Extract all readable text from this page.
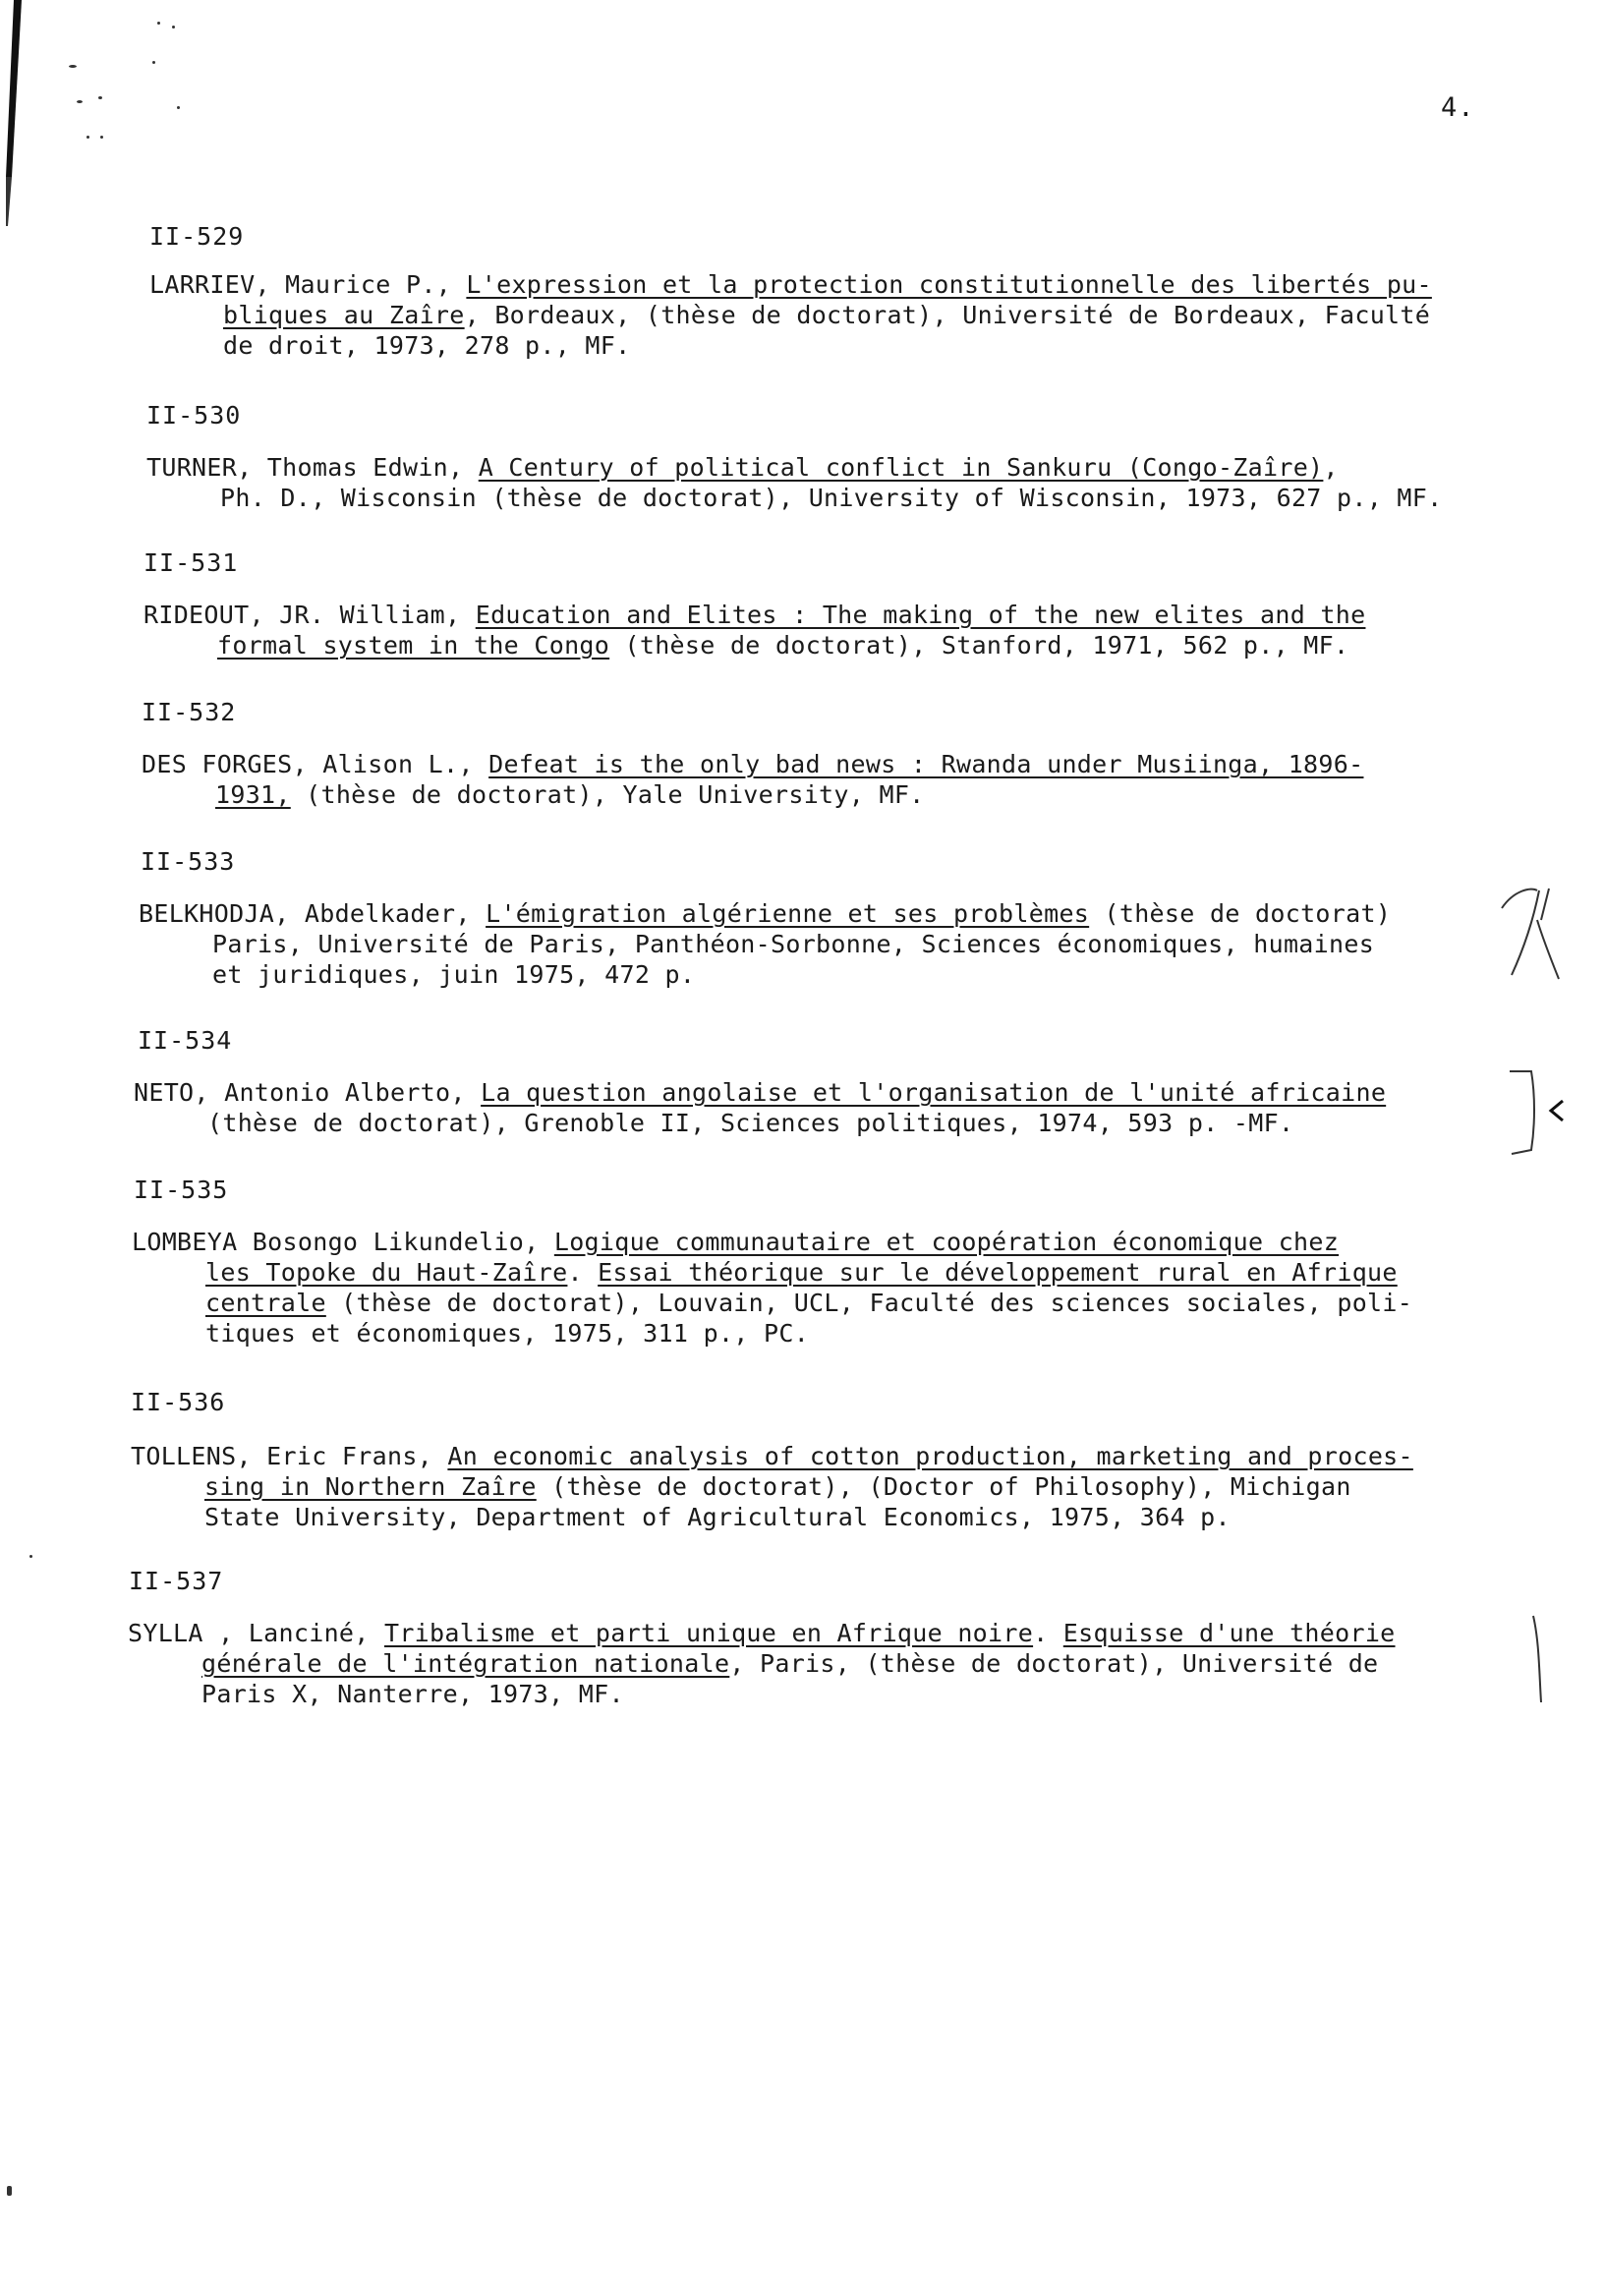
4.
II-529
LARRIEV, Maurice P., L'expression et la protection constitutionnelle des libertés pu-
bliques au Zaîre, Bordeaux, (thèse de doctorat), Université de Bordeaux, Faculté
de droit, 1973, 278 p., MF.
II-530
TURNER, Thomas Edwin, A Century of political conflict in Sankuru (Congo-Zaîre),
Ph. D., Wisconsin (thèse de doctorat), University of Wisconsin, 1973, 627 p., MF.
II-531
RIDEOUT, JR. William, Education and Elites : The making of the new elites and the
formal system in the Congo (thèse de doctorat), Stanford, 1971, 562 p., MF.
II-532
DES FORGES, Alison L., Defeat is the only bad news : Rwanda under Musiinga, 1896-
1931, (thèse de doctorat), Yale University, MF.
II-533
BELKHODJA, Abdelkader, L'émigration algérienne et ses problèmes (thèse de doctorat)
Paris, Université de Paris, Panthéon-Sorbonne, Sciences économiques, humaines
et juridiques, juin 1975, 472 p.
II-534
NETO, Antonio Alberto, La question angolaise et l'organisation de l'unité africaine
(thèse de doctorat), Grenoble II, Sciences politiques, 1974, 593 p. -MF.
II-535
LOMBEYA Bosongo Likundelio, Logique communautaire et coopération économique chez
les Topoke du Haut-Zaîre. Essai théorique sur le développement rural en Afrique
centrale (thèse de doctorat), Louvain, UCL, Faculté des sciences sociales, poli-
tiques et économiques, 1975, 311 p., PC.
II-536
TOLLENS, Eric Frans, An economic analysis of cotton production, marketing and proces-
sing in Northern Zaîre (thèse de doctorat), (Doctor of Philosophy), Michigan
State University, Department of Agricultural Economics, 1975, 364 p.
II-537
SYLLA , Lanciné, Tribalisme et parti unique en Afrique noire. Esquisse d'une théorie
générale de l'intégration nationale, Paris, (thèse de doctorat), Université de
Paris X, Nanterre, 1973, MF.
